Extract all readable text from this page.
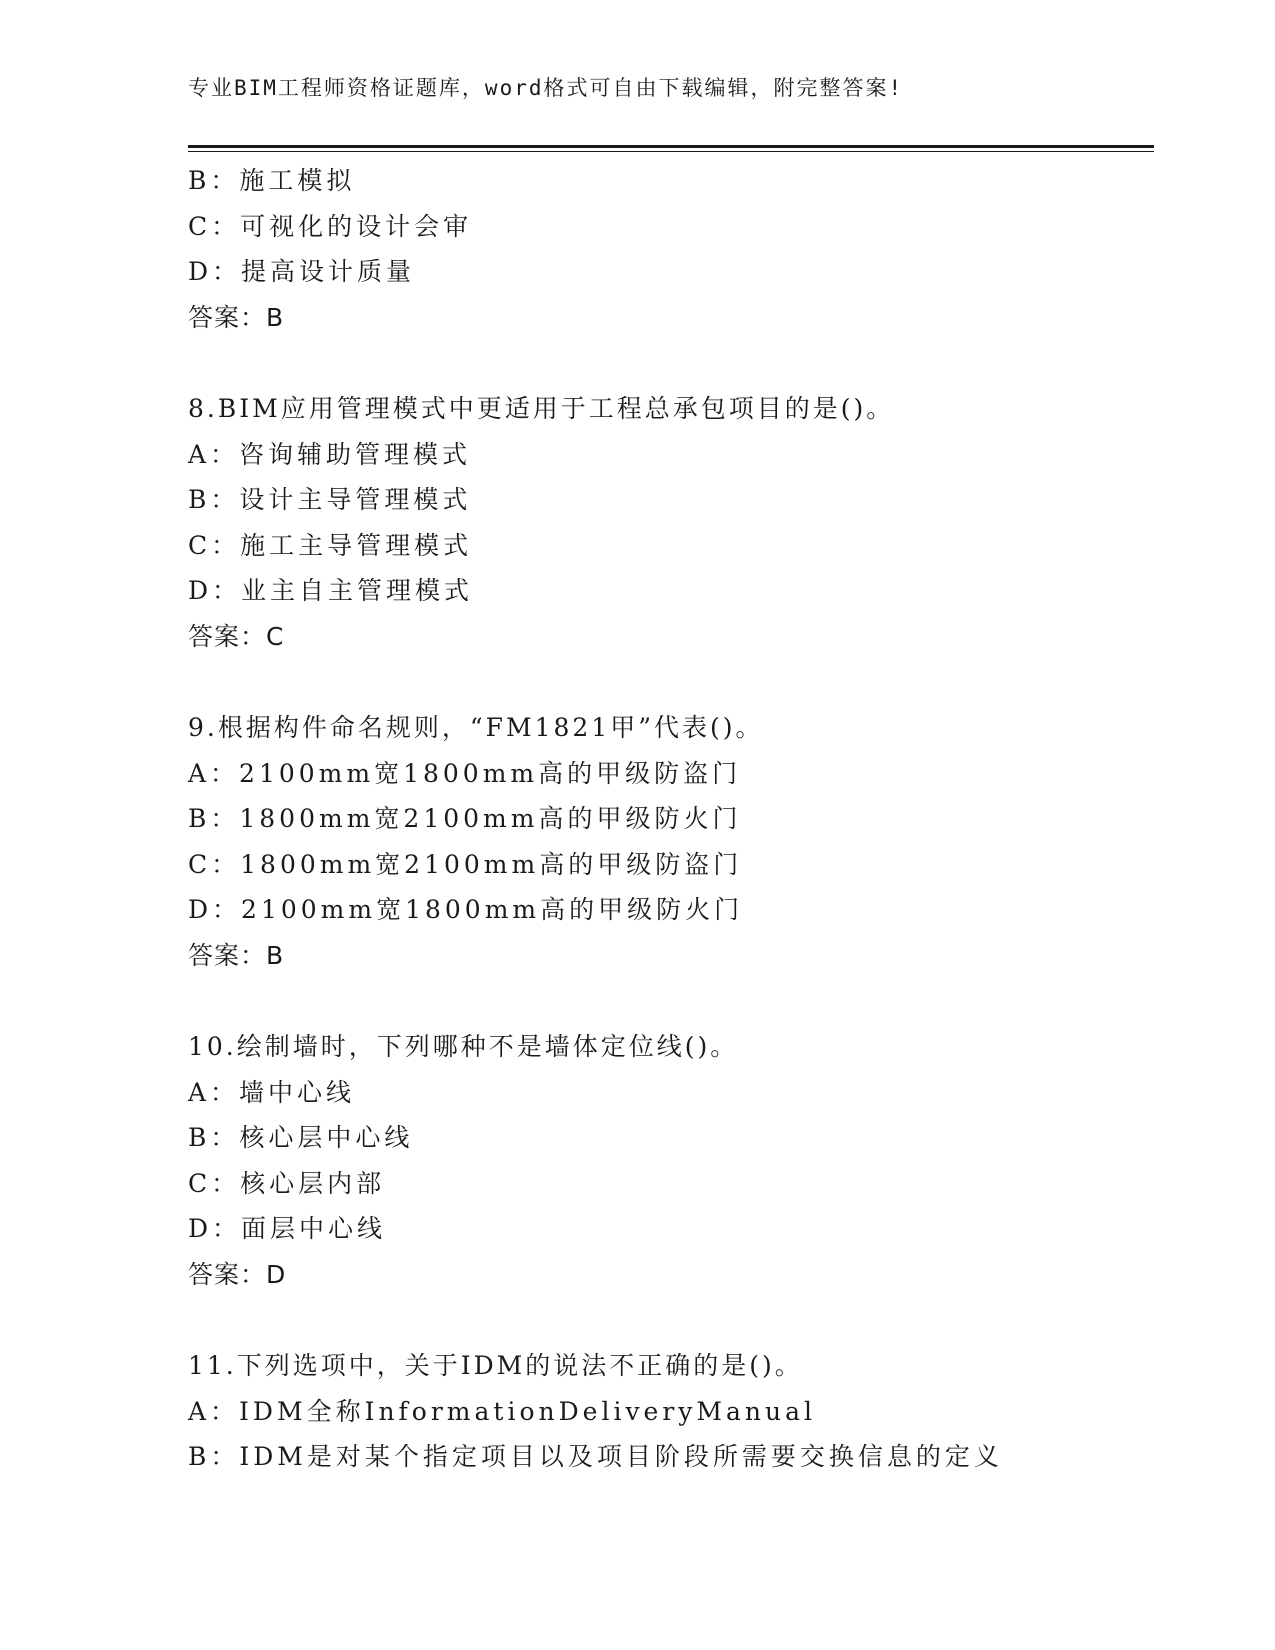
专业BIM工程师资格证题库，word格式可自由下载编辑，附完整答案!
B：施工模拟
C：可视化的设计会审
D：提高设计质量
答案：B
8.BIM应用管理模式中更适用于工程总承包项目的是()。
A：咨询辅助管理模式
B：设计主导管理模式
C：施工主导管理模式
D：业主自主管理模式
答案：C
9.根据构件命名规则，“FM1821甲”代表()。
A：2100mm宽1800mm高的甲级防盗门
B：1800mm宽2100mm高的甲级防火门
C：1800mm宽2100mm高的甲级防盗门
D：2100mm宽1800mm高的甲级防火门
答案：B
10.绘制墙时，下列哪种不是墙体定位线()。
A：墙中心线
B：核心层中心线
C：核心层内部
D：面层中心线
答案：D
11.下列选项中，关于IDM的说法不正确的是()。
A：IDM全称InformationDeliveryManual
B：IDM是对某个指定项目以及项目阶段所需要交换信息的定义
